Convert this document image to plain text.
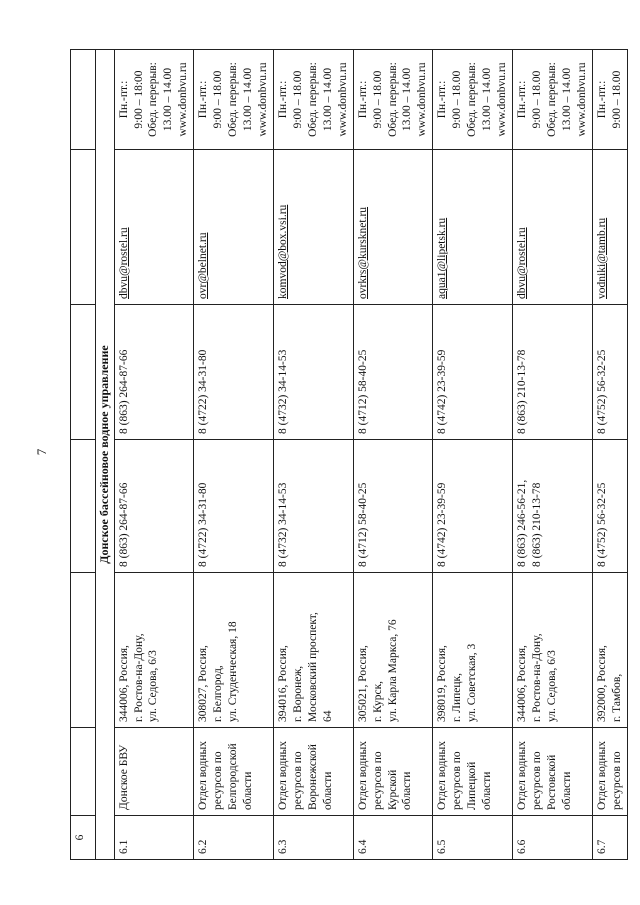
7
6						
Донское бассейновое водное управление						
6.1	Донское БВУ	344006, Россия,
г. Ростов-на-Дону,
ул. Седова, 6/3	8 (863) 264-87-66	8 (863) 264-87-66	dbvu@rostel.ru	Пн.-пт.:
9:00 – 18:00
Обед. перерыв:
13.00 – 14.00
www.donbvu.ru
6.2	Отдел водных
ресурсов по
Белгородской
области	308027, Россия,
г. Белгород,
ул. Студенческая, 18	8 (4722) 34-31-80	8 (4722) 34-31-80	ovr@belnet.ru	Пн.-пт.:
9:00 – 18.00
Обед. перерыв:
13.00 – 14.00
www.donbvu.ru
6.3	Отдел водных
ресурсов по
Воронежской
области	394016, Россия,
г. Воронеж,
Московский проспект,
64	8 (4732) 34-14-53	8 (4732) 34-14-53	komvod@box.vsi.ru	Пн.-пт.:
9:00 – 18.00
Обед. перерыв:
13.00 – 14.00
www.donbvu.ru
6.4	Отдел водных
ресурсов по
Курской
области	305021, Россия,
г. Курск,
ул. Карла Маркса, 76	8 (4712) 58-40-25	8 (4712) 58-40-25	ovrkrs@kursknet.ru	Пн.-пт.:
9:00 – 18.00
Обед. перерыв:
13.00 – 14.00
www.donbvu.ru
6.5	Отдел водных
ресурсов по
Липецкой
области	398019, Россия,
г. Липецк,
ул. Советская, 3	8 (4742) 23-39-59	8 (4742) 23-39-59	aqua1@lipetsk.ru	Пн.-пт.:
9:00 – 18.00
Обед. перерыв:
13.00 – 14.00
www.donbvu.ru
6.6	Отдел водных
ресурсов по
Ростовской
области	344006, Россия,
г. Ростов-на-Дону,
ул. Седова, 6/3	8 (863) 246-56-21,
8 (863) 210-13-78	8 (863) 210-13-78	dbvu@rostel.ru	Пн.-пт.:
9:00 – 18.00
Обед. перерыв:
13.00 – 14.00
www.donbvu.ru
6.7	Отдел водных
ресурсов по	392000, Россия,
г. Тамбов,	8 (4752) 56-32-25	8 (4752) 56-32-25	vodniki@tamb.ru	Пн.-пт.:
9:00 – 18.00
